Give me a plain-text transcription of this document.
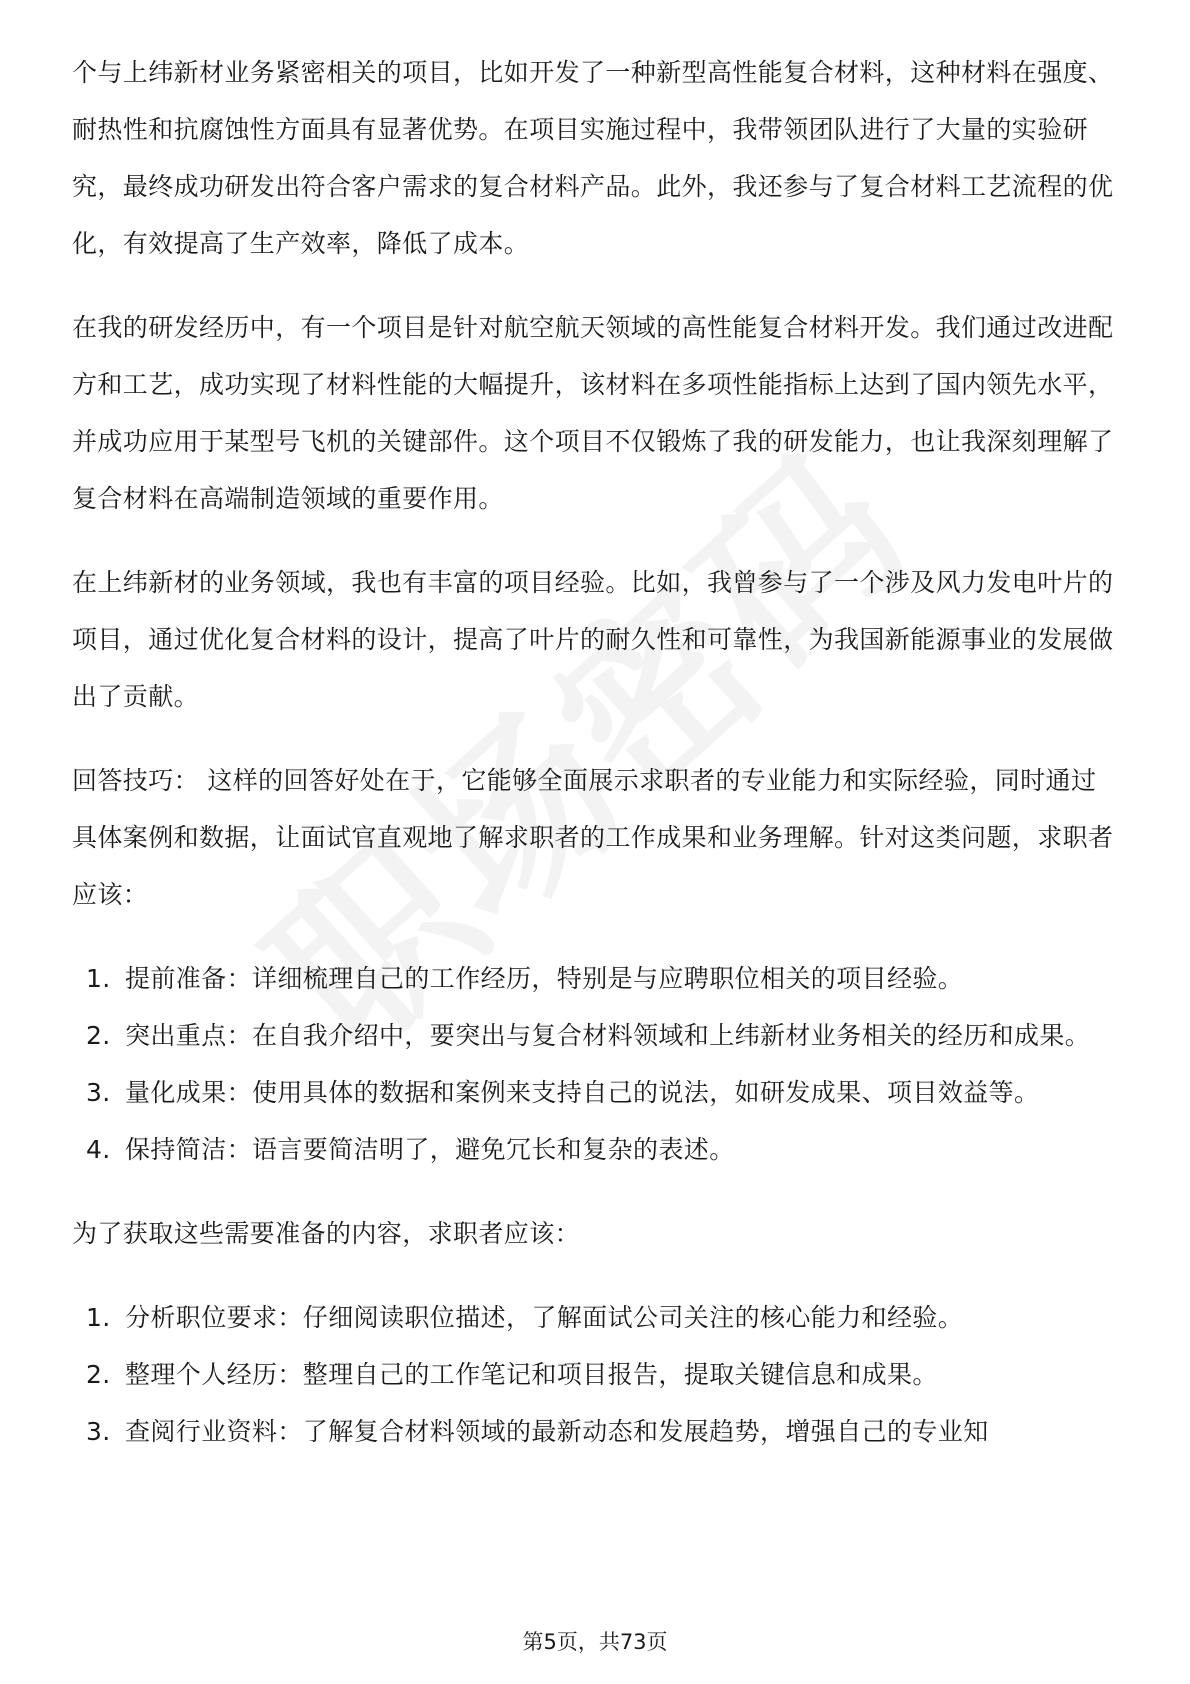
个与上纬新材业务紧密相关的项目，比如开发了一种新型高性能复合材料，这种材料在强度、耐热性和抗腐蚀性方面具有显著优势。在项目实施过程中，我带领团队进行了大量的实验研究，最终成功研发出符合客户需求的复合材料产品。此外，我还参与了复合材料工艺流程的优化，有效提高了生产效率，降低了成本。

在我的研发经历中，有一个项目是针对航空航天领域的高性能复合材料开发。我们通过改进配方和工艺，成功实现了材料性能的大幅提升，该材料在多项性能指标上达到了国内领先水平，并成功应用于某型号飞机的关键部件。这个项目不仅锻炼了我的研发能力，也让我深刻理解了复合材料在高端制造领域的重要作用。

在上纬新材的业务领域，我也有丰富的项目经验。比如，我曾参与了一个涉及风力发电叶片的项目，通过优化复合材料的设计，提高了叶片的耐久性和可靠性，为我国新能源事业的发展做出了贡献。

回答技巧： 这样的回答好处在于，它能够全面展示求职者的专业能力和实际经验，同时通过具体案例和数据，让面试官直观地了解求职者的工作成果和业务理解。针对这类问题，求职者应该：

1. 提前准备：详细梳理自己的工作经历，特别是与应聘职位相关的项目经验。
2. 突出重点：在自我介绍中，要突出与复合材料领域和上纬新材业务相关的经历和成果。
3. 量化成果：使用具体的数据和案例来支持自己的说法，如研发成果、项目效益等。
4. 保持简洁：语言要简洁明了，避免冗长和复杂的表述。

为了获取这些需要准备的内容，求职者应该：

1. 分析职位要求：仔细阅读职位描述，了解面试公司关注的核心能力和经验。
2. 整理个人经历：整理自己的工作笔记和项目报告，提取关键信息和成果。
3. 查阅行业资料：了解复合材料领域的最新动态和发展趋势，增强自己的专业知
第5页，共73页
